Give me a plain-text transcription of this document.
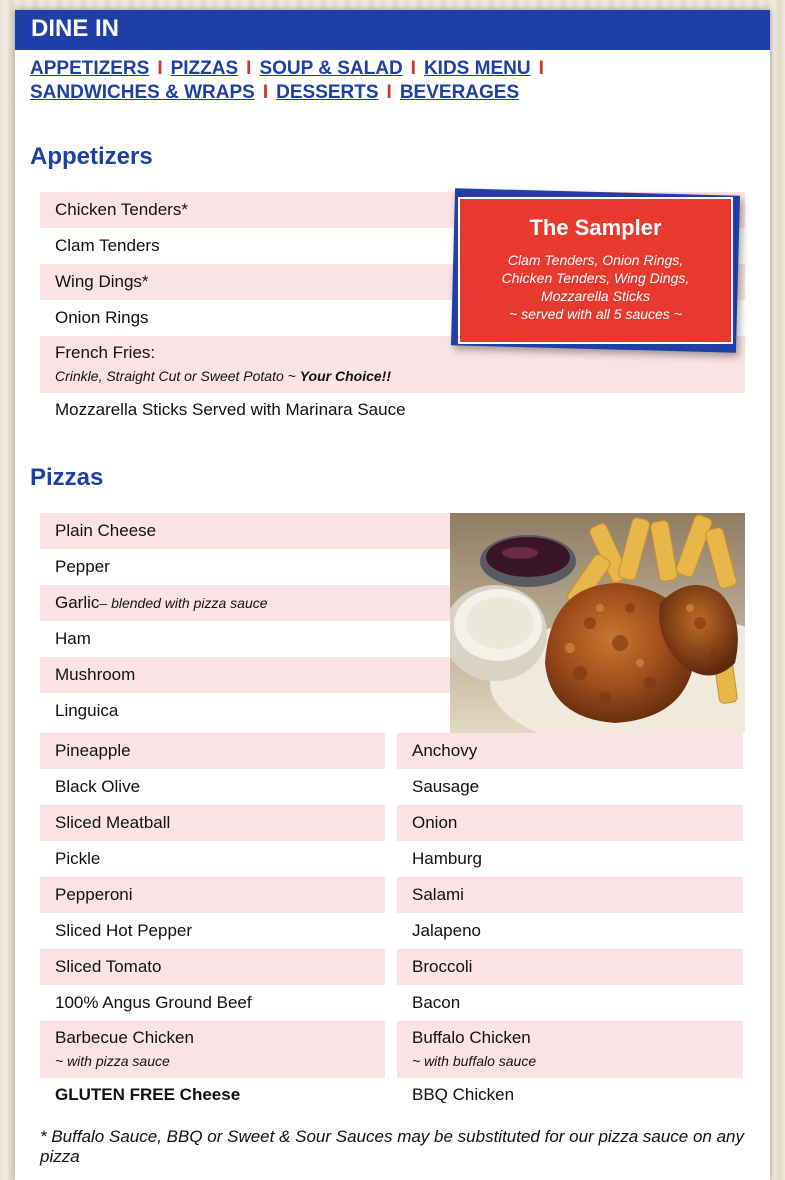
DINE IN
APPETIZERS I PIZZAS I SOUP & SALAD I KIDS MENU I
SANDWICHES & WRAPS I DESSERTS I BEVERAGES
Appetizers
Chicken Tenders*
Clam Tenders
Wing Dings*
Onion Rings
French Fries:
Crinkle, Straight Cut or Sweet Potato ~ Your Choice!!
Mozzarella Sticks Served with Marinara Sauce
The Sampler
Clam Tenders, Onion Rings,
Chicken Tenders, Wing Dings,
Mozzarella Sticks
~ served with all 5 sauces ~
Pizzas
Plain Cheese
Pepper
Garlic– blended with pizza sauce
Ham
Mushroom
Linguica
Pineapple
Black Olive
Sliced Meatball
Pickle
Pepperoni
Sliced Hot Pepper
Sliced Tomato
100% Angus Ground Beef
Barbecue Chicken
~ with pizza sauce
GLUTEN FREE Cheese
Anchovy
Sausage
Onion
Hamburg
Salami
Jalapeno
Broccoli
Bacon
Buffalo Chicken
~ with buffalo sauce
BBQ Chicken
* Buffalo Sauce, BBQ or Sweet & Sour Sauces may be substituted for our pizza sauce on any pizza
